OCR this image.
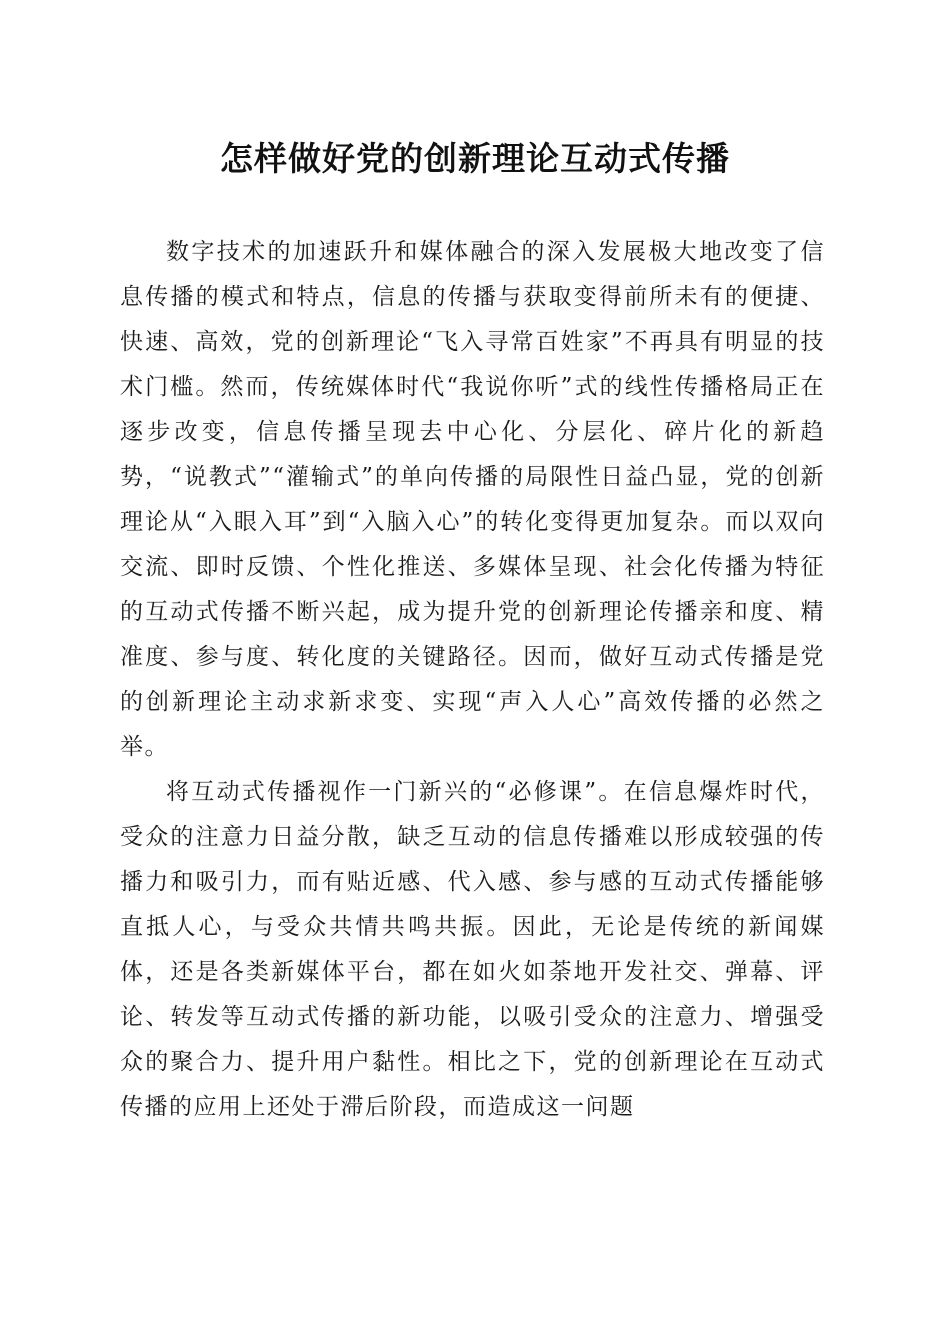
怎样做好党的创新理论互动式传播

数字技术的加速跃升和媒体融合的深入发展极大地改变了信息传播的模式和特点，信息的传播与获取变得前所未有的便捷、快速、高效，党的创新理论“飞入寻常百姓家”不再具有明显的技术门槛。然而，传统媒体时代“我说你听”式的线性传播格局正在逐步改变，信息传播呈现去中心化、分层化、碎片化的新趋势，“说教式”“灌输式”的单向传播的局限性日益凸显，党的创新理论从“入眼入耳”到“入脑入心”的转化变得更加复杂。而以双向交流、即时反馈、个性化推送、多媒体呈现、社会化传播为特征的互动式传播不断兴起，成为提升党的创新理论传播亲和度、精准度、参与度、转化度的关键路径。因而，做好互动式传播是党的创新理论主动求新求变、实现“声入人心”高效传播的必然之举。

将互动式传播视作一门新兴的“必修课”。在信息爆炸时代，受众的注意力日益分散，缺乏互动的信息传播难以形成较强的传播力和吸引力，而有贴近感、代入感、参与感的互动式传播能够直抵人心，与受众共情共鸣共振。因此，无论是传统的新闻媒体，还是各类新媒体平台，都在如火如荼地开发社交、弹幕、评论、转发等互动式传播的新功能，以吸引受众的注意力、增强受众的聚合力、提升用户黏性。相比之下，党的创新理论在互动式传播的应用上还处于滞后阶段，而造成这一问题
